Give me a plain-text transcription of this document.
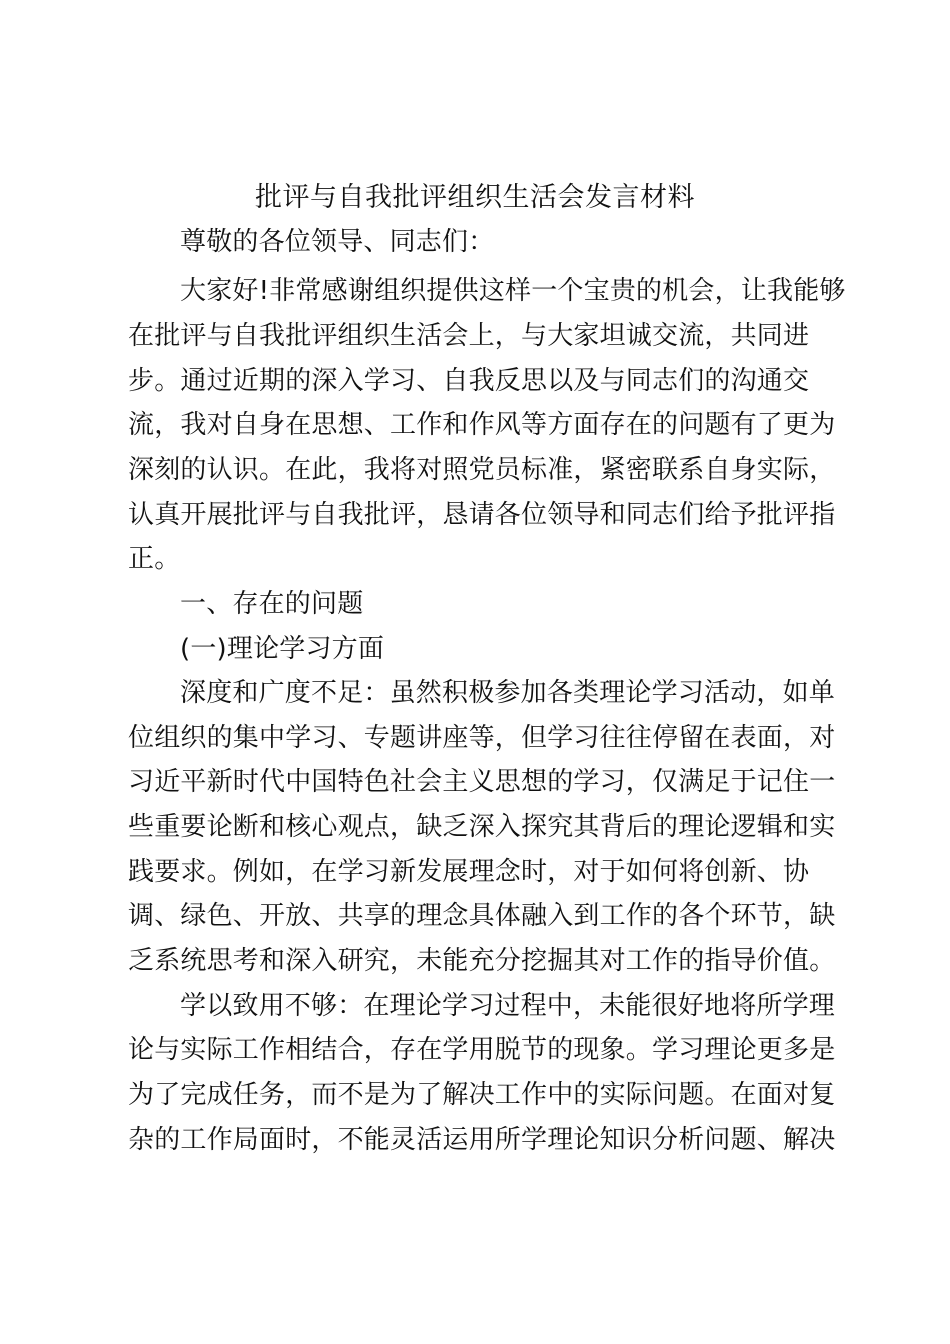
批评与自我批评组织生活会发言材料
尊敬的各位领导、同志们：
大家好!非常感谢组织提供这样一个宝贵的机会，让我能够
在批评与自我批评组织生活会上，与大家坦诚交流，共同进
步。通过近期的深入学习、自我反思以及与同志们的沟通交
流，我对自身在思想、工作和作风等方面存在的问题有了更为
深刻的认识。在此，我将对照党员标准，紧密联系自身实际，
认真开展批评与自我批评，恳请各位领导和同志们给予批评指
正。
一、存在的问题
(一)理论学习方面
深度和广度不足：虽然积极参加各类理论学习活动，如单
位组织的集中学习、专题讲座等，但学习往往停留在表面，对
习近平新时代中国特色社会主义思想的学习，仅满足于记住一
些重要论断和核心观点，缺乏深入探究其背后的理论逻辑和实
践要求。例如，在学习新发展理念时，对于如何将创新、协
调、绿色、开放、共享的理念具体融入到工作的各个环节，缺
乏系统思考和深入研究，未能充分挖掘其对工作的指导价值。
学以致用不够：在理论学习过程中，未能很好地将所学理
论与实际工作相结合，存在学用脱节的现象。学习理论更多是
为了完成任务，而不是为了解决工作中的实际问题。在面对复
杂的工作局面时，不能灵活运用所学理论知识分析问题、解决
